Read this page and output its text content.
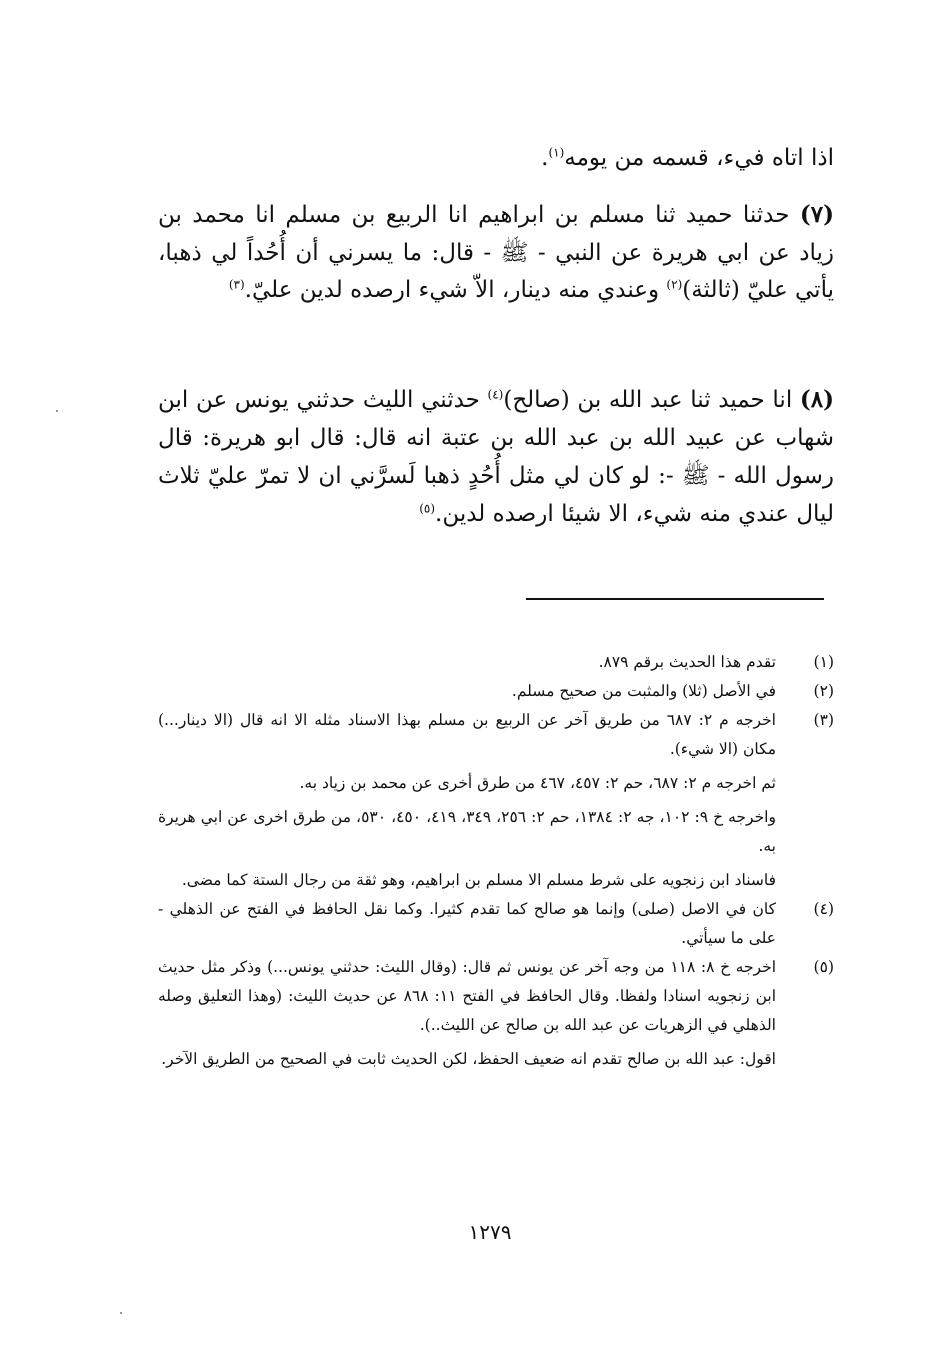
اذا اتاه فيء، قسمه من يومه$^{(١)}$.
(٧) حدثنا حميد ثنا مسلم بن ابراهيم انا الربيع بن مسلم انا محمد بن زياد عن ابي هريرة عن النبي - ﷺ - قال: ما يسرني أن أُحُداً لي ذهبا، يأتي عليّ (ثالثة)$^{(٢)}$ وعندي منه دينار، الاّ شيء ارصده لدين عليّ.$^{(٣)}$
(٨) انا حميد ثنا عبد الله بن (صالح)$^{(٤)}$ حدثني الليث حدثني يونس عن ابن شهاب عن عبيد الله بن عبد الله بن عتبة انه قال: قال ابو هريرة: قال رسول الله - ﷺ -: لو كان لي مثل أُحُدٍ ذهبا لَسرَّني ان لا تمرّ عليّ ثلاث ليال عندي منه شيء، الا شيئا ارصده لدين.$^{(٥)}$
(١)

تقدم هذا الحديث برقم ٨٧٩.

(٢)

في الأصل (ثلا) والمثبت من صحيح مسلم.

(٣)

اخرجه م ٢: ٦٨٧ من طريق آخر عن الربيع بن مسلم بهذا الاسناد مثله الا انه قال (الا دينار...) مكان (الا شيء).

ثم اخرجه م ٢: ٦٨٧، حم ٢: ٤٥٧، ٤٦٧ من طرق أخرى عن محمد بن زياد به.

واخرجه خ ٩: ١٠٢، جه ٢: ١٣٨٤، حم ٢: ٢٥٦، ٣٤٩، ٤١٩، ٤٥٠، ٥٣٠، من طرق اخرى عن ابي هريرة به.

فاسناد ابن زنجويه على شرط مسلم الا مسلم بن ابراهيم، وهو ثقة من رجال الستة كما مضى.

(٤)

كان في الاصل (صلى) وإنما هو صالح كما تقدم كثيرا. وكما نقل الحافظ في الفتح عن الذهلي - على ما سيأتي.

(٥)

اخرجه خ ٨: ١١٨ من وجه آخر عن يونس ثم قال: (وقال الليث: حدثني يونس...) وذكر مثل حديث ابن زنجويه اسنادا ولفظا. وقال الحافظ في الفتح ١١: ٨٦٨ عن حديث الليث: (وهذا التعليق وصله الذهلي في الزهريات عن عبد الله بن صالح عن الليث..).

اقول: عبد الله بن صالح تقدم انه ضعيف الحفظ، لكن الحديث ثابت في الصحيح من الطريق الآخر.

١٢٧٩
